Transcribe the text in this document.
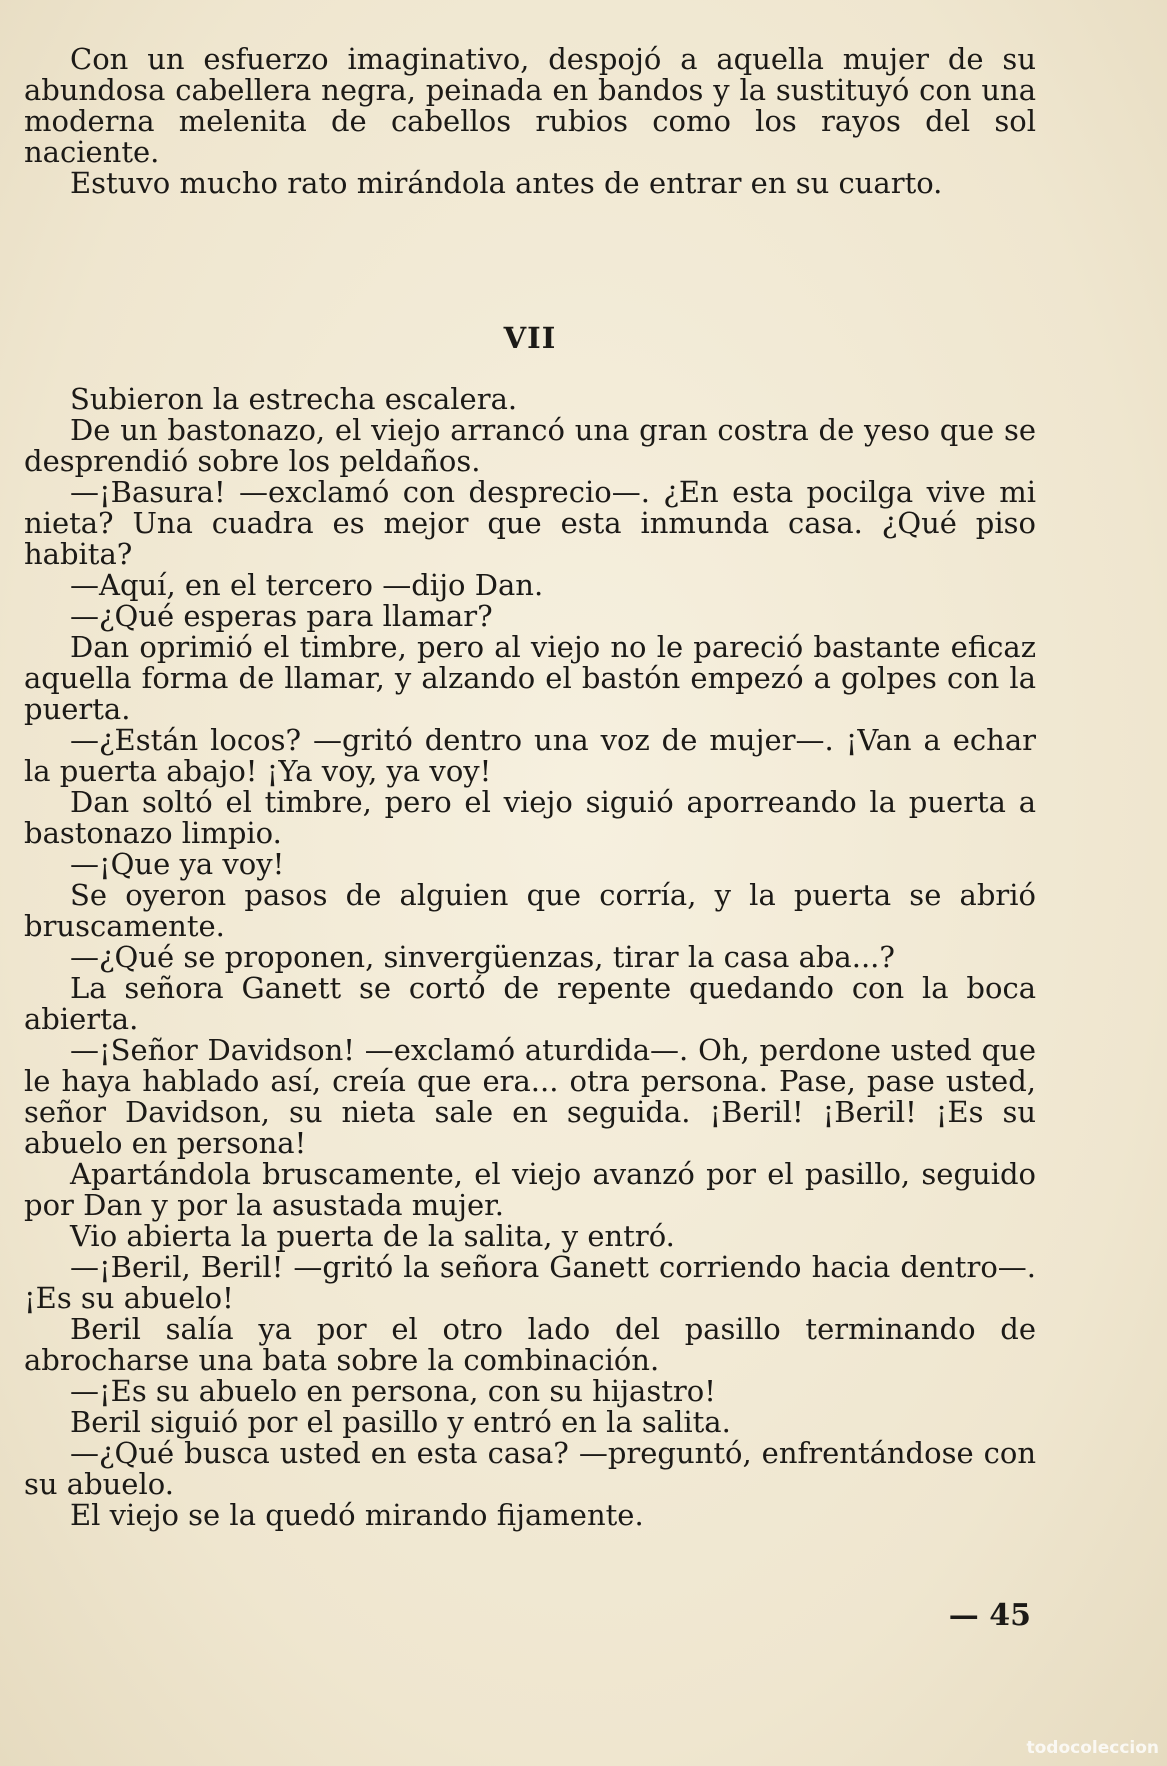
Con un esfuerzo imaginativo, despojó a aquella mujer de su abundosa cabellera negra, peinada en bandos y la sustituyó con una moderna melenita de cabellos rubios como los rayos del sol naciente.

Estuvo mucho rato mirándola antes de entrar en su cuarto.

VII

Subieron la estrecha escalera.

De un bastonazo, el viejo arrancó una gran costra de yeso que se desprendió sobre los peldaños.

—¡Basura! —exclamó con desprecio—. ¿En esta pocilga vive mi nieta? Una cuadra es mejor que esta inmunda casa. ¿Qué piso habita?

—Aquí, en el tercero —dijo Dan.

—¿Qué esperas para llamar?

Dan oprimió el timbre, pero al viejo no le pareció bastante eficaz aquella forma de llamar, y alzando el bastón empezó a golpes con la puerta.

—¿Están locos? —gritó dentro una voz de mujer—. ¡Van a echar la puerta abajo! ¡Ya voy, ya voy!

Dan soltó el timbre, pero el viejo siguió aporreando la puerta a bastonazo limpio.

—¡Que ya voy!

Se oyeron pasos de alguien que corría, y la puerta se abrió bruscamente.

—¿Qué se proponen, sinvergüenzas, tirar la casa aba...?

La señora Ganett se cortó de repente quedando con la boca abierta.

—¡Señor Davidson! —exclamó aturdida—. Oh, perdone usted que le haya hablado así, creía que era... otra persona. Pase, pase usted, señor Davidson, su nieta sale en seguida. ¡Beril! ¡Beril! ¡Es su abuelo en persona!

Apartándola bruscamente, el viejo avanzó por el pasillo, seguido por Dan y por la asustada mujer.

Vio abierta la puerta de la salita, y entró.

—¡Beril, Beril! —gritó la señora Ganett corriendo hacia dentro—. ¡Es su abuelo!

Beril salía ya por el otro lado del pasillo terminando de abrocharse una bata sobre la combinación.

—¡Es su abuelo en persona, con su hijastro!

Beril siguió por el pasillo y entró en la salita.

—¿Qué busca usted en esta casa? —preguntó, enfrentándose con su abuelo.

El viejo se la quedó mirando fijamente.

— 45
todocoleccion
